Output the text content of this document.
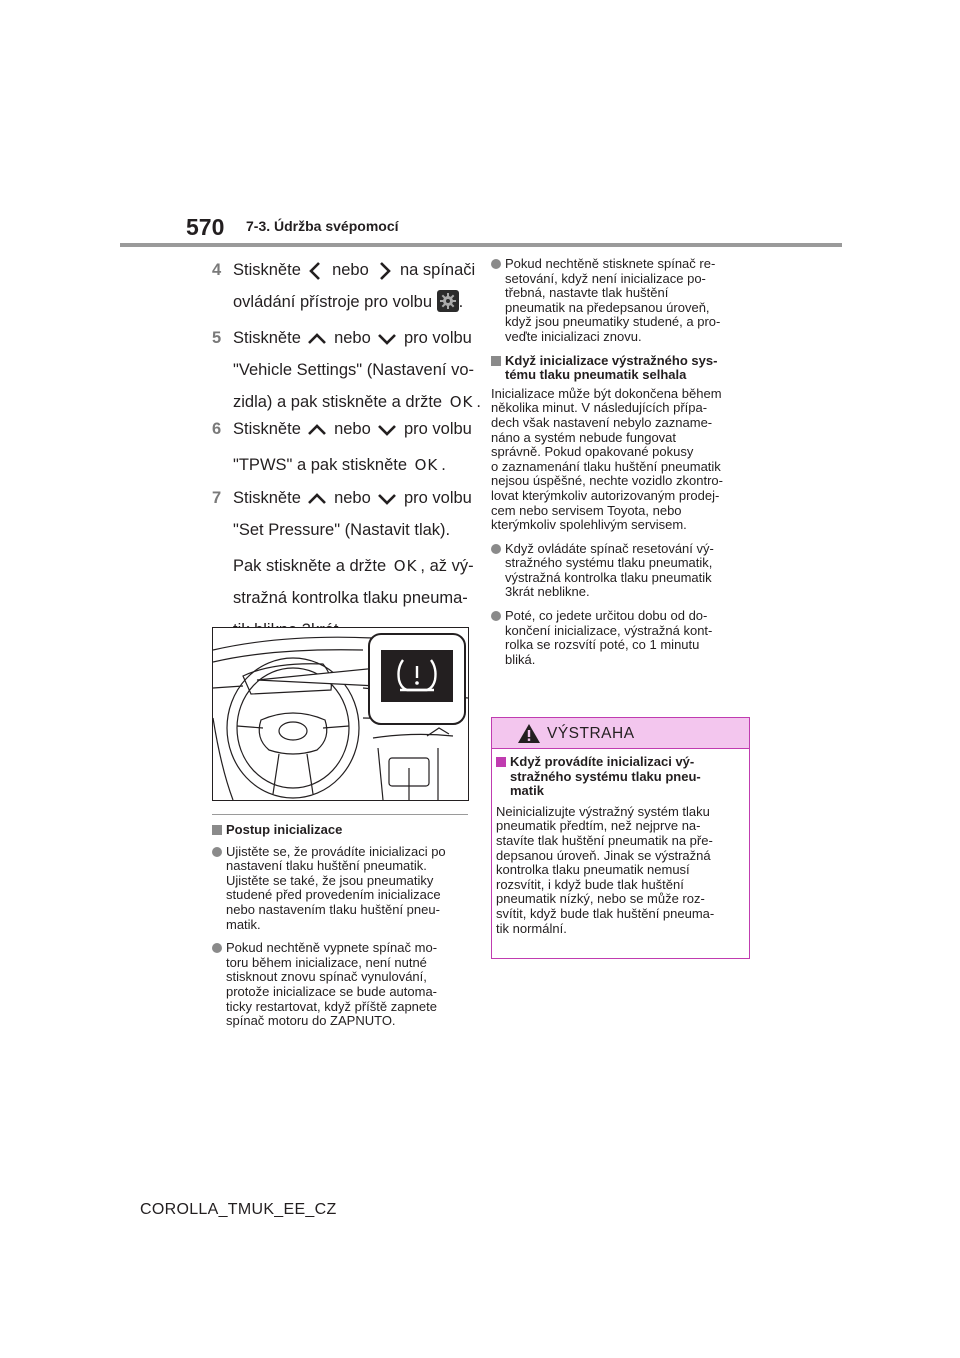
570 7-3. Údržba svépomocí
4 Stiskněte nebo na spínači
ovládání přístroje pro volbu .
5 Stiskněte nebo pro volbu
"Vehicle Settings" (Nastavení vo-
zidla) a pak stiskněte a držte OK .
6 Stiskněte nebo pro volbu
"TPWS" a pak stiskněte OK .
7 Stiskněte nebo pro volbu
"Set Pressure" (Nastavit tlak).
Pak stiskněte a držte OK , až vý-
stražná kontrolka tlaku pneuma-
Postup inicializace
Ujistěte se, že provádíte inicializaci po
nastavení tlaku huštění pneumatik.
Ujistěte se také, že jsou pneumatiky
studené před provedením inicializace
nebo nastavením tlaku huštění pneu-
matik.
Pokud nechtěně vypnete spínač mo-
toru během inicializace, není nutné
stisknout znovu spínač vynulování,
protože inicializace se bude automa-
ticky restartovat, když příště zapnete
spínač motoru do ZAPNUTO.
Pokud nechtěně stisknete spínač re-
setování, když není inicializace po-
třebná, nastavte tlak huštění
pneumatik na předepsanou úroveň,
když jsou pneumatiky studené, a pro-
veďte inicializaci znovu.
Když inicializace výstražného sys-
tému tlaku pneumatik selhala
Inicializace může být dokončena během
několika minut. V následujících přípa-
dech však nastavení nebylo zazname-
náno a systém nebude fungovat
správně. Pokud opakované pokusy
o zaznamenání tlaku huštění pneumatik
nejsou úspěšné, nechte vozidlo zkontro-
lovat kterýmkoliv autorizovaným prodej-
cem nebo servisem Toyota, nebo
kterýmkoliv spolehlivým servisem.
Když ovládáte spínač resetování vý-
stražného systému tlaku pneumatik,
výstražná kontrolka tlaku pneumatik
3krát neblikne.
Poté, co jedete určitou dobu od do-
končení inicializace, výstražná kont-
rolka se rozsvítí poté, co 1 minutu
bliká.
VÝSTRAHA
Když provádíte inicializaci vý-
stražného systému tlaku pneu-
matik
Neinicializujte výstražný systém tlaku
pneumatik předtím, než nejprve na-
stavíte tlak huštění pneumatik na pře-
depsanou úroveň. Jinak se výstražná
kontrolka tlaku pneumatik nemusí
rozsvítit, i když bude tlak huštění
pneumatik nízký, nebo se může roz-
svítit, když bude tlak huštění pneuma-
tik normální.
COROLLA_TMUK_EE_CZ
